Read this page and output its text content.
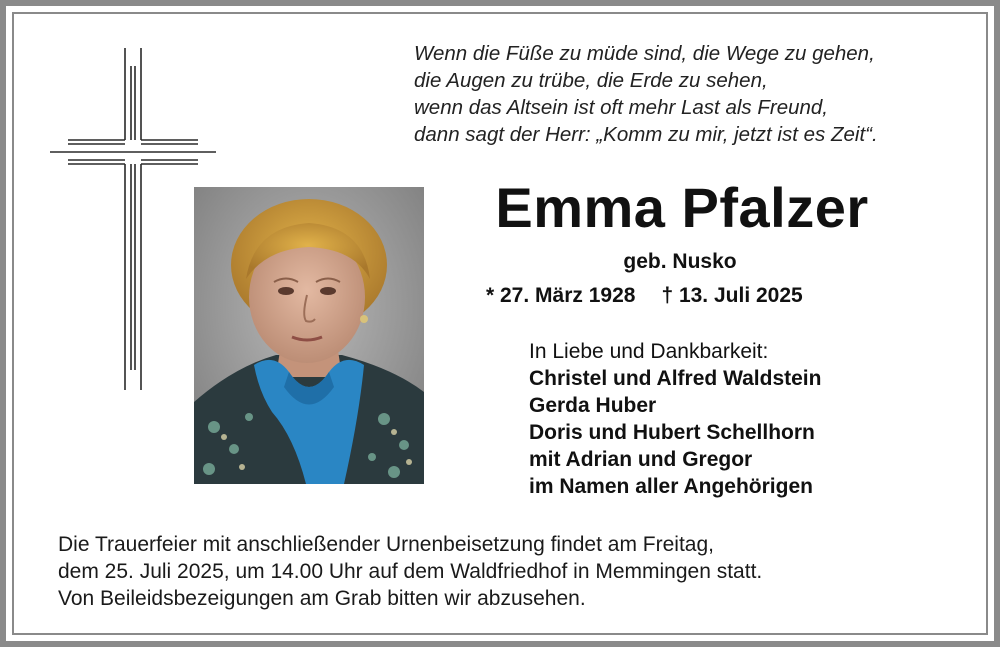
Wenn die Füße zu müde sind, die Wege zu gehen,
die Augen zu trübe, die Erde zu sehen,
wenn das Altsein ist oft mehr Last als Freund,
dann sagt der Herr: „Komm zu mir, jetzt ist es Zeit“.
Emma Pfalzer
geb. Nusko
* 27. März 1928 † 13. Juli 2025
In Liebe und Dankbarkeit:
Christel und Alfred Waldstein
Gerda Huber
Doris und Hubert Schellhorn
mit Adrian und Gregor
im Namen aller Angehörigen
Die Trauerfeier mit anschließender Urnenbeisetzung findet am Freitag,
dem 25. Juli 2025, um 14.00 Uhr auf dem Waldfriedhof in Memmingen statt.
Von Beileidsbezeigungen am Grab bitten wir abzusehen.
